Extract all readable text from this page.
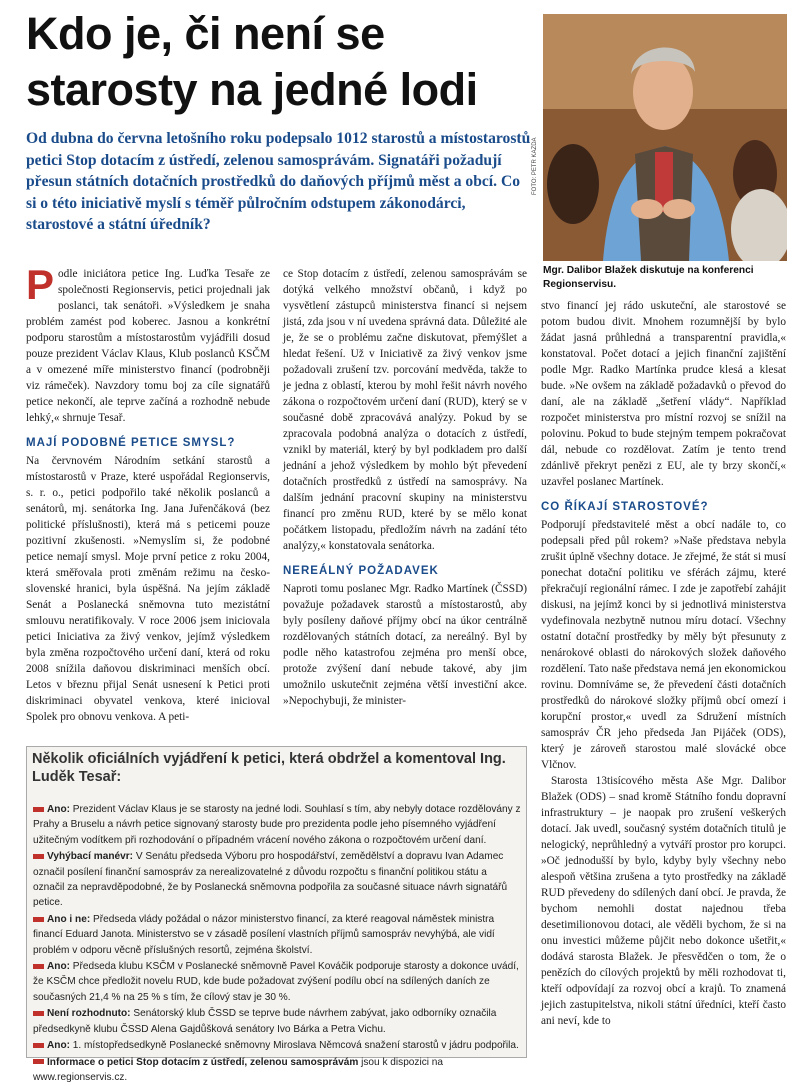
Kdo je, či není se starosty na jedné lodi
FOTO: PETR KAZDA
Mgr. Dalibor Blažek diskutuje na konferenci Regionservisu.

Od dubna do června letošního roku podepsalo 1012 starostů a místostarostů petici Stop dotacím z ústředí, zelenou samosprávám. Signatáři požadují přesun státních dotačních prostředků do daňových příjmů měst a obcí. Co si o této iniciativě myslí s téměř půlročním odstupem zákonodárci, starostové a státní úředník?

Podle iniciátora petice Ing. Luďka Tesaře ze společnosti Regionservis, petici projednali jak poslanci, tak senátoři. »Výsledkem je snaha problém zamést pod koberec. Jasnou a konkrétní podporu starostům a místostarostům vyjádřili dosud pouze prezident Václav Klaus, Klub poslanců KSČM a v omezené míře ministerstvo financí (podrobněji viz rámeček). Navzdory tomu boj za cíle signatářů petice nekončí, ale teprve začíná a rozhodně nebude lehký,« shrnuje Tesař.

MAJÍ PODOBNÉ PETICE SMYSL?

Na červnovém Národním setkání starostů a místostarostů v Praze, které uspořádal Regionservis, s. r. o., petici podpořilo také několik poslanců a senátorů, mj. senátorka Ing. Jana Juřenčáková (bez politické příslušnosti), která má s peticemi pouze pozitivní zkušenosti. »Nemyslím si, že podobné petice nemají smysl. Moje první petice z roku 2004, která směřovala proti změnám režimu na česko-slovenské hranici, byla úspěšná. Na jejím základě Senát a Poslanecká sněmovna tuto mezistátní smlouvu neratifikovaly. V roce 2006 jsem iniciovala petici Iniciativa za živý venkov, jejímž výsledkem byla změna rozpočtového určení daní, která od roku 2008 snížila daňovou diskriminaci menších obcí. Letos v březnu přijal Senát usnesení k Petici proti diskriminaci obyvatel venkova, které inicioval Spolek pro obnovu venkova. A peti-

ce Stop dotacím z ústředí, zelenou samosprávám se dotýká velkého množství občanů, i když po vysvětlení zástupců ministerstva financí si nejsem jistá, zda jsou v ní uvedena správná data. Důležité ale je, že se o problému začne diskutovat, přemýšlet a hledat řešení. Už v Iniciativě za živý venkov jsme požadovali zrušení tzv. porcování medvěda, takže to je jedna z oblastí, kterou by mohl řešit návrh nového zákona o rozpočtovém určení daní (RUD), který se v současné době zpracovává analýzy. Pokud by se zpracovala podobná analýza o dotacích z ústředí, vznikl by materiál, který by byl podkladem pro další jednání a jehož výsledkem by mohlo být převedení dotačních prostředků z ústředí na samosprávy. Na dalším jednání pracovní skupiny na ministerstvu financí pro změnu RUD, které by se mělo konat počátkem listopadu, předložím návrh na zadání této analýzy,« konstatovala senátorka.

NEREÁLNÝ POŽADAVEK

Naproti tomu poslanec Mgr. Radko Martínek (ČSSD) považuje požadavek starostů a místostarostů, aby byly posíleny daňové příjmy obcí na úkor centrálně rozdělovaných státních dotací, za nereálný. Byl by podle něho katastrofou zejména pro menší obce, protože zvýšení daní nebude takové, aby jim umožnilo uskutečnit zejména větší investiční akce. »Nepochybuji, že minister-

stvo financí jej rádo uskuteční, ale starostové se potom budou divit. Mnohem rozumnější by bylo žádat jasná průhledná a transparentní pravidla,« konstatoval. Počet dotací a jejich finanční zajištění podle Mgr. Radko Martínka prudce klesá a klesat bude. »Ne ovšem na základě požadavků o převod do daní, ale na základě „šetření vlády“. Například rozpočet ministerstva pro místní rozvoj se snížil na polovinu. Pokud to bude stejným tempem pokračovat dál, nebude co rozdělovat. Zatím je tento trend zdánlivě překryt penězi z EU, ale ty brzy skončí,« uzavřel poslanec Martínek.

CO ŘÍKAJÍ STAROSTOVÉ?

Podporují představitelé měst a obcí nadále to, co podepsali před půl rokem? »Naše představa nebyla zrušit úplně všechny dotace. Je zřejmé, že stát si musí ponechat dotační politiku ve sférách zájmu, které překračují regionální rámec. I zde je zapotřebí zahájit diskusi, na jejímž konci by si jednotlivá ministerstva vydefinovala nezbytně nutnou míru dotací. Všechny ostatní dotační prostředky by měly být přesunuty z nenárokové oblasti do nárokových složek daňového rozdělení. Tato naše představa nemá jen ekonomickou rovinu. Domníváme se, že převedení části dotačních prostředků do nárokové složky příjmů obcí omezí i korupční prostor,« uvedl za Sdružení místních samospráv ČR jeho předseda Jan Pijáček (ODS), který je zároveň starostou malé slovácké obce Vlčnov.

Starosta 13tisícového města Aše Mgr. Dalibor Blažek (ODS) – snad kromě Státního fondu dopravní infrastruktury – je naopak pro zrušení veškerých dotací. Jak uvedl, současný systém dotačních titulů je nelogický, neprůhledný a vytváří prostor pro korupci. »Oč jednodušší by bylo, kdyby byly všechny nebo alespoň většina zrušena a tyto prostředky na základě RUD převedeny do sdílených daní obcí. Je pravda, že bychom nemohli dostat najednou třeba desetimilionovou dotaci, ale věděli bychom, že si na onu investici můžeme půjčit nebo dokonce ušetřit,« dodává starosta Blažek. Je přesvědčen o tom, že o penězích do cílových projektů by měli rozhodovat ti, kteří odpovídají za rozvoj obcí a krajů. To znamená jejich zastupitelstva, nikoli státní úředníci, kteří často ani neví, kde to

Několik oficiálních vyjádření k petici, která obdržel a komentoval Ing. Luděk Tesař:
Ano: Prezident Václav Klaus je se starosty na jedné lodi. Souhlasí s tím, aby nebyly dotace rozdělovány z Prahy a Bruselu a návrh petice signovaný starosty bude pro prezidenta podle jeho písemného vyjádření užitečným vodítkem při rozhodování o případném vrácení nového zákona o rozpočtovém určení daní.
Vyhýbací manévr: V Senátu předseda Výboru pro hospodářství, zemědělství a dopravu Ivan Adamec označil posílení finanční samospráv za nerealizovatelné z důvodu rozpočtu s finanční politikou státu a označil za nepravděpodobné, že by Poslanecká sněmovna podpořila za současné situace návrh signatářů petice.
Ano i ne: Předseda vlády požádal o názor ministerstvo financí, za které reagoval náměstek ministra financí Eduard Janota. Ministerstvo se v zásadě posílení vlastních příjmů samospráv nevyhýbá, ale vidí problém v odporu věcně příslušných resortů, zejména školství.
Ano: Předseda klubu KSČM v Poslanecké sněmovně Pavel Kováčik podporuje starosty a dokonce uvádí, že KSČM chce předložit novelu RUD, kde bude požadovat zvýšení podílu obcí na sdílených daních ze současných 21,4 % na 25 % s tím, že cílový stav je 30 %.
Není rozhodnuto: Senátorský klub ČSSD se teprve bude návrhem zabývat, jako odborníky označila předsedkyně klubu ČSSD Alena Gajdůšková senátory Ivo Bárka a Petra Vichu.
Ano: 1. místopředsedkyně Poslanecké sněmovny Miroslava Němcová snažení starostů v jádru podpořila.
Informace o petici Stop dotacím z ústředí, zelenou samosprávám jsou k dispozici na www.regionservis.cz.
